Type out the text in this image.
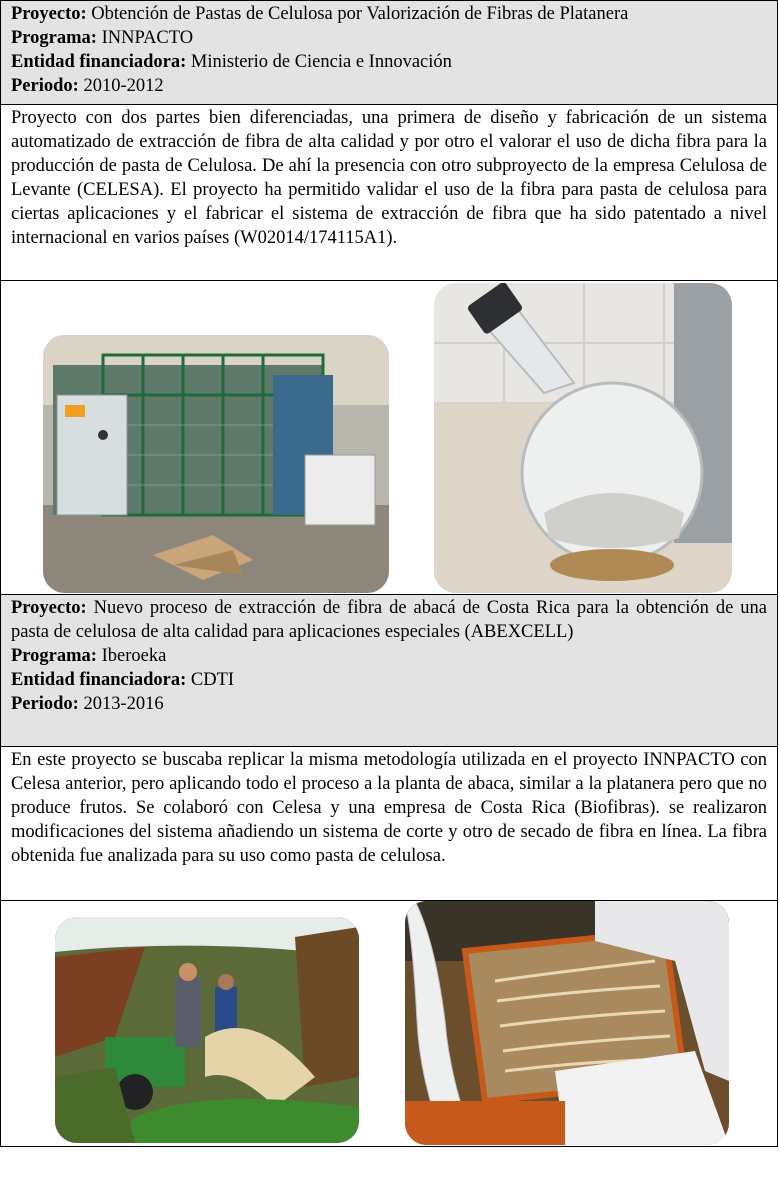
Proyecto: Obtención de Pastas de Celulosa por Valorización de Fibras de Platanera

Programa: INNPACTO

Entidad financiadora: Ministerio de Ciencia e Innovación

Periodo: 2010-2012

Proyecto con dos partes bien diferenciadas, una primera de diseño y fabricación de un sistema automatizado de extracción de fibra de alta calidad y por otro el valorar el uso de dicha fibra para la producción de pasta de Celulosa. De ahí la presencia con otro subproyecto de la empresa Celulosa de Levante (CELESA). El proyecto ha permitido validar el uso de la fibra para pasta de celulosa para ciertas aplicaciones y el fabricar el sistema de extracción de fibra que ha sido patentado a nivel internacional en varios países (W02014/174115A1).

Proyecto: Nuevo proceso de extracción de fibra de abacá de Costa Rica para la obtención de una pasta de celulosa de alta calidad para aplicaciones especiales (ABEXCELL)

Programa: Iberoeka

Entidad financiadora: CDTI

Periodo: 2013-2016

En este proyecto se buscaba replicar la misma metodología utilizada en el proyecto INNPACTO con Celesa anterior, pero aplicando todo el proceso a la planta de abaca, similar a la platanera pero que no produce frutos. Se colaboró con Celesa y una empresa de Costa Rica (Biofibras). se realizaron modificaciones del sistema añadiendo un sistema de corte y otro de secado de fibra en línea. La fibra obtenida fue analizada para su uso como pasta de celulosa.
